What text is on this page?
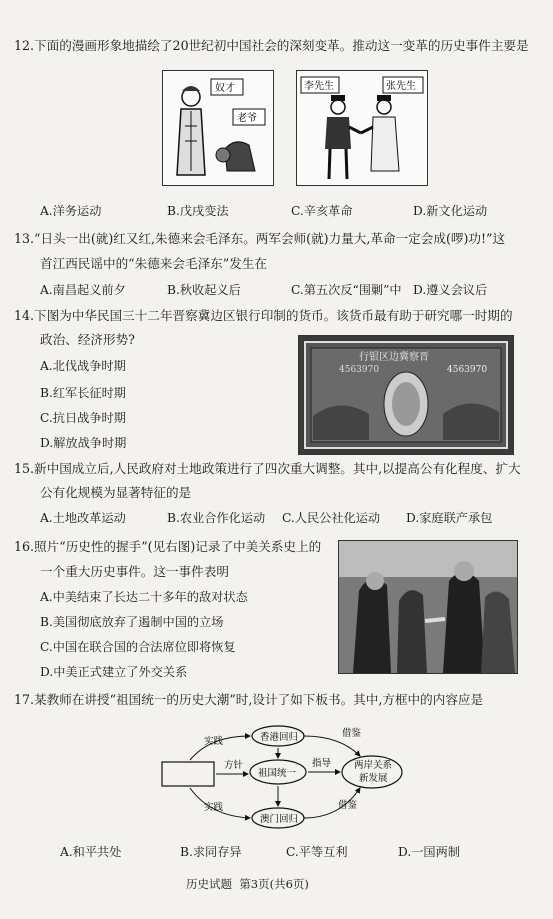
12.下面的漫画形象地描绘了20世纪初中国社会的深刻变革。推动这一变革的历史事件主要是
奴才
老爷
李先生	张先生
A.洋务运动	B.戊戌变法	C.辛亥革命	D.新文化运动
13.“日头一出(就)红又红,朱德来会毛泽东。两军会师(就)力量大,革命一定会成(啰)功!”这
首江西民谣中的“朱德来会毛泽东”发生在
A.南昌起义前夕	B.秋收起义后	C.第五次反“围剿”中 D.遵义会议后
14.下图为中华民国三十二年晋察冀边区银行印制的货币。该货币最有助于研究哪一时期的
政治、经济形势?
A.北伐战争时期
B.红军长征时期
C.抗日战争时期
D.解放战争时期
行银区边冀察晋
4563970
4563970
15.新中国成立后,人民政府对土地政策进行了四次重大调整。其中,以提高公有化程度、扩大
公有化规模为显著特征的是
A.土地改革运动	B.农业合作化运动 C.人民公社化运动 D.家庭联产承包
16.照片“历史性的握手”(见右图)记录了中美关系史上的
一个重大历史事件。这一事件表明
A.中美结束了长达二十多年的敌对状态
B.美国彻底放弃了遏制中国的立场
C.中国在联合国的合法席位即将恢复
D.中美正式建立了外交关系
17.某教师在讲授“祖国统一的历史大潮”时,设计了如下板书。其中,方框中的内容应是
香港回归
祖国统一
澳门回归
两岸关系
新发展
实践
实践
方针	指导
借鉴
借鉴
A.和平共处	B.求同存异	C.平等互利	D.一国两制
历史试题  第3页(共6页)
